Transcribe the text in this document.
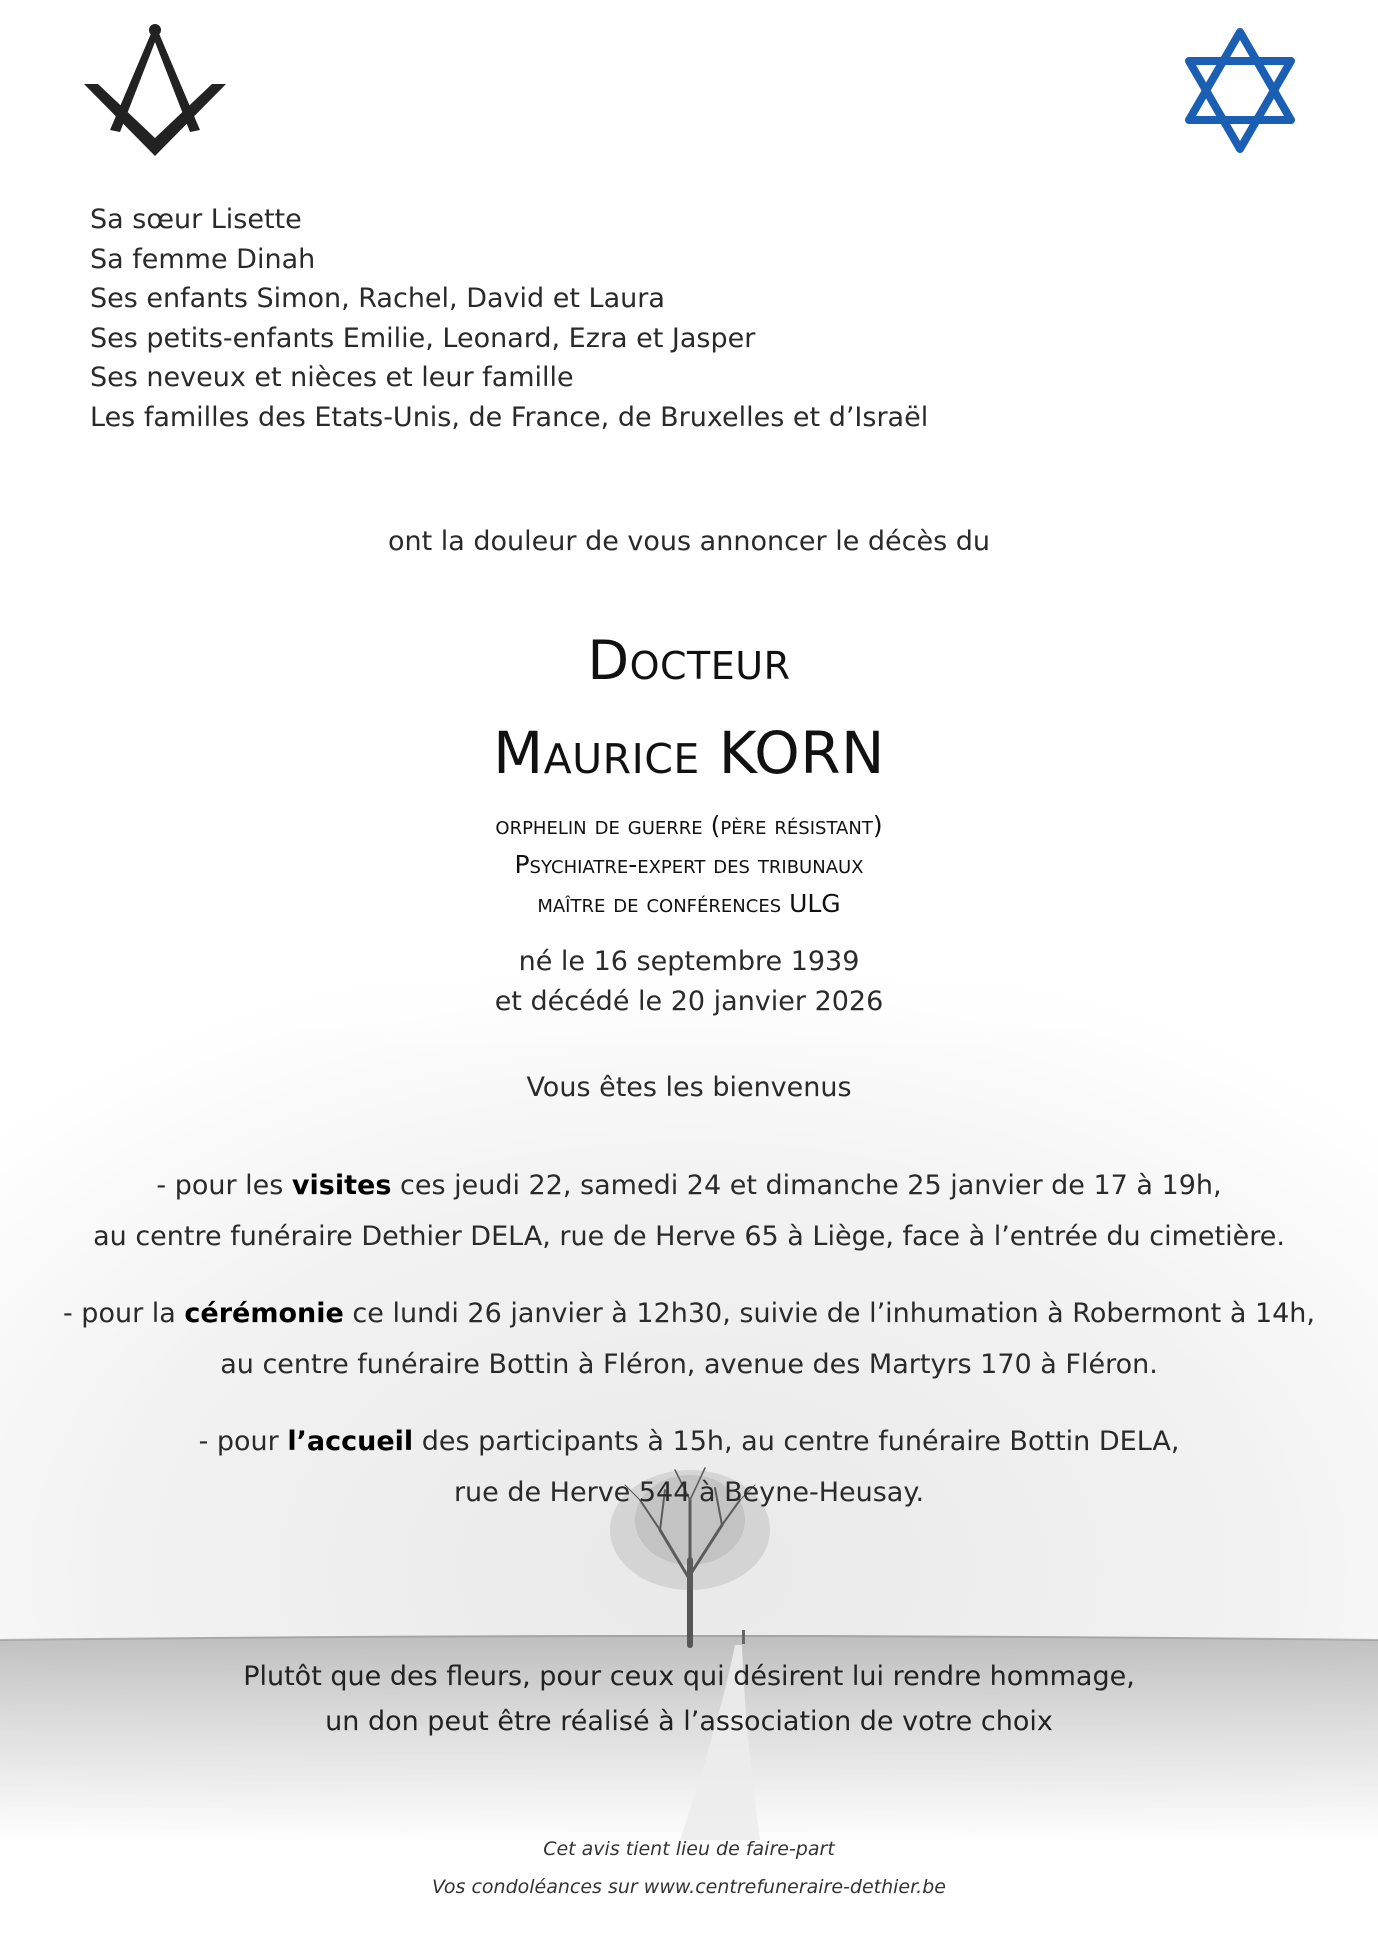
Sa sœur Lisette
Sa femme Dinah
Ses enfants Simon, Rachel, David et Laura
Ses petits-enfants Emilie, Leonard, Ezra et Jasper
Ses neveux et nièces et leur famille
Les familles des Etats-Unis, de France, de Bruxelles et d’Israël
ont la douleur de vous annoncer le décès du
Docteur
Maurice KORN
orphelin de guerre (père résistant)
Psychiatre-expert des tribunaux
maître de conférences ULG
né le 16 septembre 1939
et décédé le 20 janvier 2026
Vous êtes les bienvenus
- pour les visites ces jeudi 22, samedi 24 et dimanche 25 janvier de 17 à 19h,
au centre funéraire Dethier DELA, rue de Herve 65 à Liège, face à l’entrée du cimetière.
- pour la cérémonie ce lundi 26 janvier à 12h30, suivie de l’inhumation à Robermont à 14h,
au centre funéraire Bottin à Fléron, avenue des Martyrs 170 à Fléron.
- pour l’accueil des participants à 15h, au centre funéraire Bottin DELA,
rue de Herve 544 à Beyne-Heusay.
Plutôt que des fleurs, pour ceux qui désirent lui rendre hommage,
un don peut être réalisé à l’association de votre choix
Cet avis tient lieu de faire-part
Vos condoléances sur www.centrefuneraire-dethier.be
